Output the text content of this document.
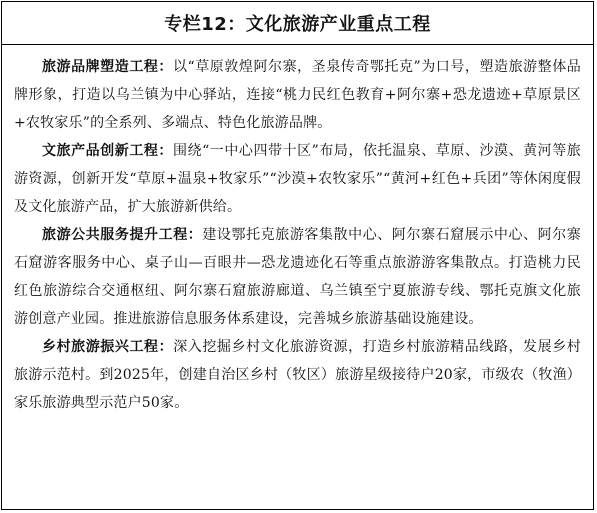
专栏12：文化旅游产业重点工程

旅游品牌塑造工程：以“草原敦煌阿尔寨，圣泉传奇鄂托克”为口号，塑造旅游整体品牌形象，打造以乌兰镇为中心驿站，连接“桃力民红色教育+阿尔寨+恐龙遗迹+草原景区+农牧家乐”的全系列、多端点、特色化旅游品牌。

文旅产品创新工程：围绕“一中心四带十区”布局，依托温泉、草原、沙漠、黄河等旅游资源，创新开发“草原+温泉+牧家乐”“沙漠+农牧家乐”“黄河+红色+兵团”等休闲度假及文化旅游产品，扩大旅游新供给。

旅游公共服务提升工程：建设鄂托克旅游客集散中心、阿尔寨石窟展示中心、阿尔寨石窟游客服务中心、桌子山—百眼井—恐龙遗迹化石等重点旅游游客集散点。打造桃力民红色旅游综合交通枢纽、阿尔寨石窟旅游廊道、乌兰镇至宁夏旅游专线、鄂托克旗文化旅游创意产业园。推进旅游信息服务体系建设，完善城乡旅游基础设施建设。

乡村旅游振兴工程：深入挖掘乡村文化旅游资源，打造乡村旅游精品线路，发展乡村旅游示范村。到2025年，创建自治区乡村（牧区）旅游星级接待户20家，市级农（牧渔）家乐旅游典型示范户50家。
